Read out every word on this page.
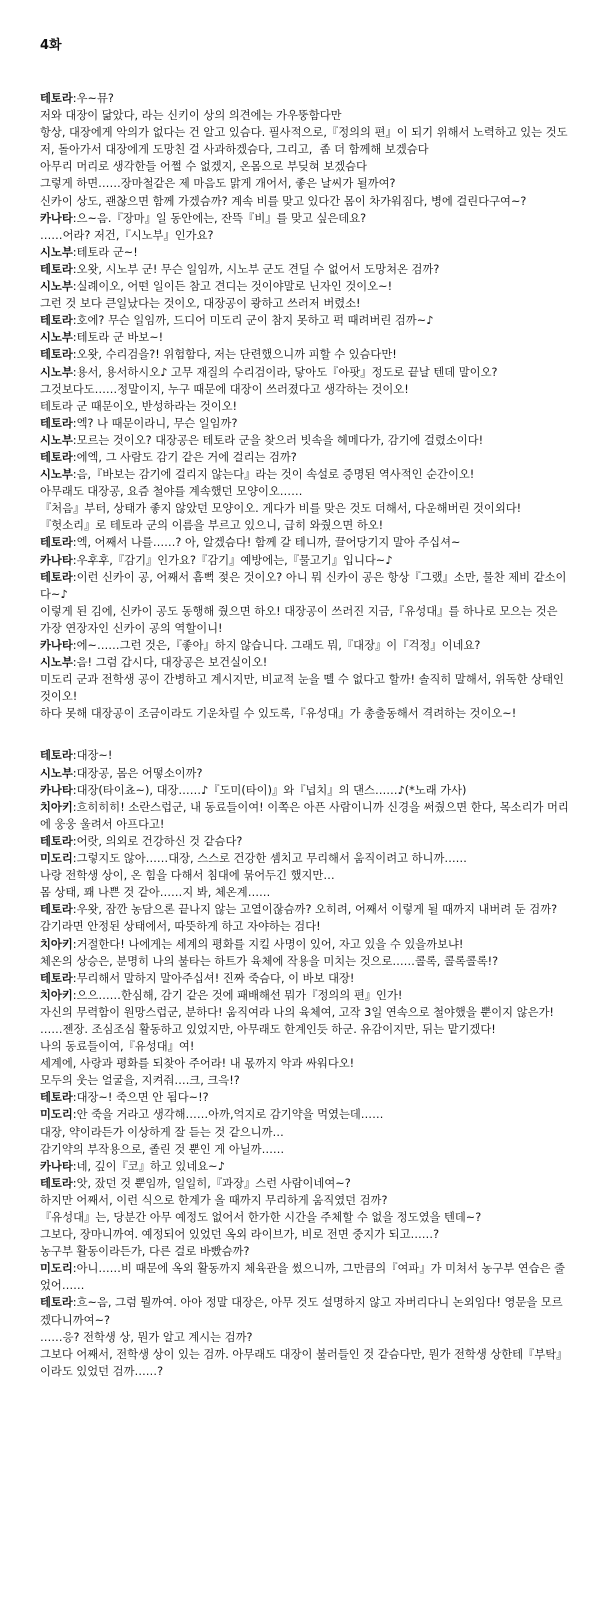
4화

테토라:우~뮤?

저와 대장이 닮았다, 라는 신키이 상의 의견에는 가우뚱함다만

항상, 대장에게 악의가 없다는 건 알고 있슴다. 필사적으로,『정의의 편』이 되기 위해서 노력하고 있는 것도

저, 돌아가서 대장에게 도망친 걸 사과하겠슴다, 그리고,  좀 더 함께해 보겠슴다

아무리 머리로 생각한들 어쩔 수 없겠지, 온몸으로 부딪혀 보겠슴다

그렇게 하면……장마철같은 제 마음도 맑게 개어서, 좋은 날씨가 될까여?

신카이 상도, 괜찮으면 함께 가겠슴까? 계속 비를 맞고 있다간 몸이 차가워짐다, 병에 걸린다구여~?

카나타:으~음.『장마』일 동안에는, 잔뜩『비』를 맞고 싶은데요?

……어라? 저건,『시노부』인가요?

시노부:테토라 군~!

테토라:오왓, 시노부 군! 무슨 일임까, 시노부 군도 견딜 수 없어서 도망쳐온 검까?

시노부:실례이오, 어떤 일이든 참고 견디는 것이야말로 닌자인 것이오~!

그런 것 보다 큰일났다는 것이오, 대장공이 쾅하고 쓰러저 버렸소!

테토라:호에? 무슨 일임까, 드디어 미도리 군이 참지 못하고 퍽 때려버린 검까~♪

시노부:테토라 군 바보~!

테토라:오왓, 수리검을?! 위험함다, 저는 단련했으니까 피할 수 있슴다만!

시노부:용서, 용서하시오♪ 고무 재질의 수리검이라, 닿아도『아팟』정도로 끝날 텐데 말이오?

그것보다도……정말이지, 누구 때문에 대장이 쓰러졌다고 생각하는 것이오!

테토라 군 때문이오, 반성하라는 것이오!

테토라:엑? 나 때문이라니, 무슨 일임까?

시노부:모르는 것이오? 대장공은 테토라 군을 찾으러 빗속을 헤메다가, 감기에 걸렸소이다!

테토라:에엑, 그 사람도 감기 같은 거에 걸리는 검까?

시노부:음,『바보는 감기에 걸리지 않는다』라는 것이 속설로 증명된 역사적인 순간이오!

아무래도 대장공, 요즘 철야를 계속했던 모양이오……

『처음』부터, 상태가 좋지 않았던 모양이오. 게다가 비를 맞은 것도 더해서, 다운해버린 것이외다!

『헛소리』로 테토라 군의 이름을 부르고 있으니, 급히 와줬으면 하오!

테토라:엑, 어째서 나를……? 아, 알겠슴다! 함께 갈 테니까, 끌어당기지 말아 주십셔~

카나타:우후후,『감기』인가요?『감기』예방에는,『물고기』입니다~♪

테토라:이런 신카이 공, 어째서 흠뻑 젖은 것이오? 아니 뭐 신카이 공은 항상『그랬』소만, 물찬 제비 같소이다~♪

이렇게 된 김에, 신카이 공도 동행해 줬으면 하오! 대장공이 쓰러진 지금,『유성대』를 하나로 모으는 것은 가장 연장자인 신카이 공의 역할이니!

카나타:에~……그런 것은,『좋아』하지 않습니다. 그래도 뭐,『대장』이『걱정』이네요?

시노부:음! 그럼 갑시다, 대장공은 보건실이오!

미도리 군과 전학생 공이 간병하고 계시지만, 비교적 눈을 뗄 수 없다고 할까! 솔직히 말해서, 위독한 상태인 것이오!

하다 못해 대장공이 조금이라도 기운차릴 수 있도록,『유성대』가 총출동해서 격려하는 것이오~!

테토라:대장~!

시노부:대장공, 몸은 어떻소이까?

카나타:대장(타이쵸~), 대장……♪『도미(타이)』와『넙치』의 댄스……♪(*노래 가사)

치아키:흐히히히! 소란스럽군, 내 동료들이여! 이쪽은 아픈 사람이니까 신경을 써줬으면 한다, 목소리가 머리에 웅웅 울려서 아프다고!

테토라:어랏, 의외로 건강하신 것 같슴다?

미도리:그렇지도 않아……대장, 스스로 건강한 셈치고 무리해서 움직이려고 하니까……

나랑 전학생 상이, 온 힘을 다해서 침대에 묶어두긴 했지만…

몸 상태, 꽤 나쁜 것 같아……지 봐, 체온계……

테토라:우왓, 잠깐 농담으론 끝나지 않는 고열이잖슴까? 오히려, 어째서 이렇게 될 때까지 내버려 둔 검까?

감기라면 안정된 상태에서, 따뜻하게 하고 자야하는 검다!

치아키:거절한다! 나에게는 세계의 평화를 지킬 사명이 있어, 자고 있을 수 있을까보냐!

체온의 상승은, 분명히 나의 불타는 하트가 육체에 작용을 미치는 것으로……콜록, 콜록콜록!?

테토라:무리해서 말하지 말아주십셔! 진짜 죽슴다, 이 바보 대장!

치아키:으으……한심해, 감기 같은 것에 패배해선 뭐가『정의의 편』인가!

자신의 무력함이 원망스럽군, 분하다! 움직여라 나의 육체여, 고작 3일 연속으로 철야했을 뿐이지 않은가!

……젠장. 조심조심 활동하고 있었지만, 아무래도 한계인듯 하군. 유감이지만, 뒤는 맡기겠다!

나의 동료들이여,『유성대』여!

세계에, 사랑과 평화를 되찾아 주어라! 내 몫까지 악과 싸워다오!

모두의 웃는 얼굴을, 지켜줘….크, 크윽!?

테토라:대장~! 죽으면 안 됨다~!?

미도리:안 죽을 거라고 생각해……아까,억지로 감기약을 먹였는데……

대장, 약이라든가 이상하게 잘 듣는 것 같으니까…

감기약의 부작용으로, 졸린 것 뿐인 게 아닐까……

카나타:네, 깊이『코』하고 있네요~♪

테토라:앗, 잤던 것 뿐임까, 일일히,『과장』스런 사람이네여~?

하지만 어째서, 이런 식으로 한계가 올 때까지 무리하게 움직였던 검까?

『유성대』는, 당분간 아무 예정도 없어서 한가한 시간을 주체할 수 없을 정도였을 텐데~?

그보다, 장마니까여. 예정되어 있었던 옥외 라이브가, 비로 전면 중지가 되고……?

농구부 활동이라든가, 다른 걸로 바빴슴까?

미도리:아니……비 때문에 옥외 활동까지 체육관을 썼으니까, 그만큼의『여파』가 미쳐서 농구부 연습은 줄었어……

테토라:흐~음, 그럼 뭘까여. 아아 정말 대장은, 아무 것도 설명하지 않고 자버리다니 논외임다! 영문을 모르겠다니까여~?

……응? 전학생 상, 뭔가 알고 계시는 검까?

그보다 어째서, 전학생 상이 있는 검까. 아무래도 대장이 불러들인 것 같슴다만, 뭔가 전학생 상한테『부탁』이라도 있었던 검까……?
